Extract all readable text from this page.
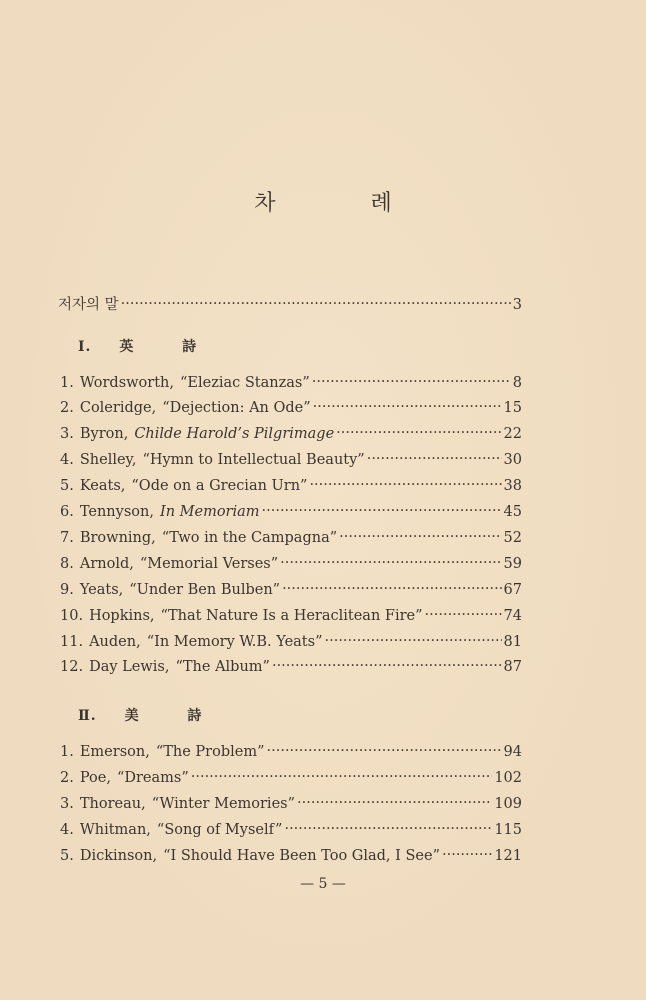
차 례
저자의 말 ·····	3
Ⅰ. 英 詩
1. Wordsworth, “Eleziac Stanzas” ·····	8
2. Coleridge, “Dejection: An Ode” ·····	15
3. Byron, Childe Harold’s Pilgrimage ·····	22
4. Shelley, “Hymn to Intellectual Beauty” ·····	30
5. Keats, “Ode on a Grecian Urn” ·····	38
6. Tennyson, In Memoriam ·····	45
7. Browning, “Two in the Campagna” ·····	52
8. Arnold, “Memorial Verses” ·····	59
9. Yeats, “Under Ben Bulben” ·····	67
10. Hopkins, “That Nature Is a Heraclitean Fire” ·····	74
11. Auden, “In Memory W.B. Yeats” ·····	81
12. Day Lewis, “The Album” ·····	87
Ⅱ. 美 詩
1. Emerson, “The Problem” ·····	94
2. Poe, “Dreams” ·····	102
3. Thoreau, “Winter Memories” ·····	109
4. Whitman, “Song of Myself” ·····	115
5. Dickinson, “I Should Have Been Too Glad, I See” ·····	121
— 5 —
